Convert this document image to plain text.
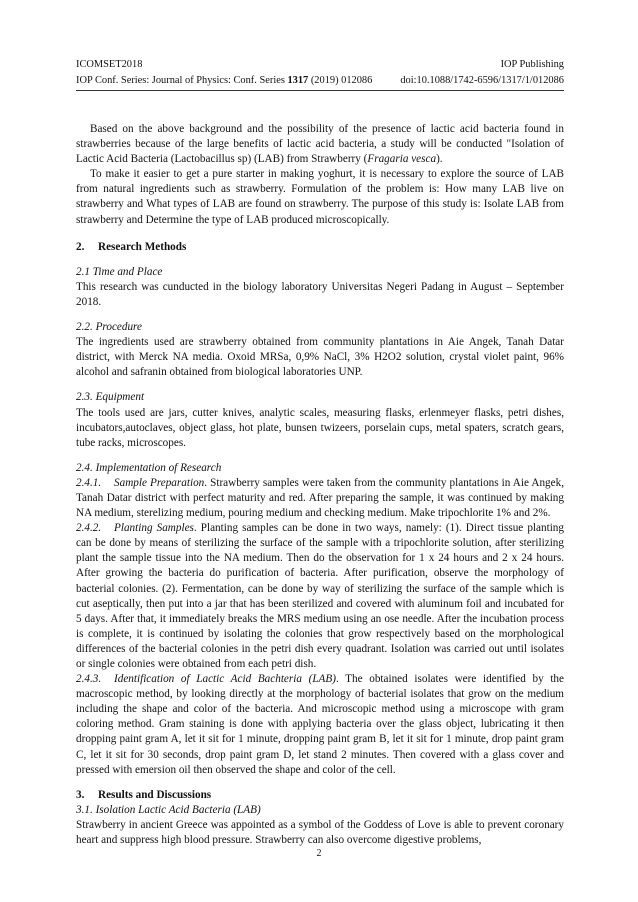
ICOMSET2018	IOP Publishing
IOP Conf. Series: Journal of Physics: Conf. Series 1317 (2019) 012086	doi:10.1088/1742-6596/1317/1/012086

Based on the above background and the possibility of the presence of lactic acid bacteria found in strawberries because of the large benefits of lactic acid bacteria, a study will be conducted "Isolation of Lactic Acid Bacteria (Lactobacillus sp) (LAB) from Strawberry (Fragaria vesca).

To make it easier to get a pure starter in making yoghurt, it is necessary to explore the source of LAB from natural ingredients such as strawberry. Formulation of the problem is: How many LAB live on strawberry and What types of LAB are found on strawberry. The purpose of this study is: Isolate LAB from strawberry and Determine the type of LAB produced microscopically.

2. Research Methods

2.1 Time and Place

This research was cunducted in the biology laboratory Universitas Negeri Padang in August – September 2018.

2.2. Procedure

The ingredients used are strawberry obtained from community plantations in Aie Angek, Tanah Datar district, with Merck NA media. Oxoid MRSa, 0,9% NaCl, 3% H2O2 solution, crystal violet paint, 96% alcohol and safranin obtained from biological laboratories UNP.

2.3. Equipment

The tools used are jars, cutter knives, analytic scales, measuring flasks, erlenmeyer flasks, petri dishes, incubators,autoclaves, object glass, hot plate, bunsen twizeers, porselain cups, metal spaters, scratch gears, tube racks, microscopes.

2.4. Implementation of Research

2.4.1. Sample Preparation. Strawberry samples were taken from the community plantations in Aie Angek, Tanah Datar district with perfect maturity and red. After preparing the sample, it was continued by making NA medium, sterelizing medium, pouring medium and checking medium. Make tripochlorite 1% and 2%.

2.4.2. Planting Samples. Planting samples can be done in two ways, namely: (1). Direct tissue planting can be done by means of sterilizing the surface of the sample with a tripochlorite solution, after sterilizing plant the sample tissue into the NA medium. Then do the observation for 1 x 24 hours and 2 x 24 hours. After growing the bacteria do purification of bacteria. After purification, observe the morphology of bacterial colonies. (2). Fermentation, can be done by way of sterilizing the surface of the sample which is cut aseptically, then put into a jar that has been sterilized and covered with aluminum foil and incubated for 5 days. After that, it immediately breaks the MRS medium using an ose needle. After the incubation process is complete, it is continued by isolating the colonies that grow respectively based on the morphological differences of the bacterial colonies in the petri dish every quadrant. Isolation was carried out until isolates or single colonies were obtained from each petri dish.

2.4.3. Identification of Lactic Acid Bachteria (LAB). The obtained isolates were identified by the macroscopic method, by looking directly at the morphology of bacterial isolates that grow on the medium including the shape and color of the bacteria. And microscopic method using a microscope with gram coloring method. Gram staining is done with applying bacteria over the glass object, lubricating it then dropping paint gram A, let it sit for 1 minute, dropping paint gram B, let it sit for 1 minute, drop paint gram C, let it sit for 30 seconds, drop paint gram D, let stand 2 minutes. Then covered with a glass cover and pressed with emersion oil then observed the shape and color of the cell.

3. Results and Discussions

3.1. Isolation Lactic Acid Bacteria (LAB)

Strawberry in ancient Greece was appointed as a symbol of the Goddess of Love is able to prevent coronary heart and suppress high blood pressure. Strawberry can also overcome digestive problems,

2
